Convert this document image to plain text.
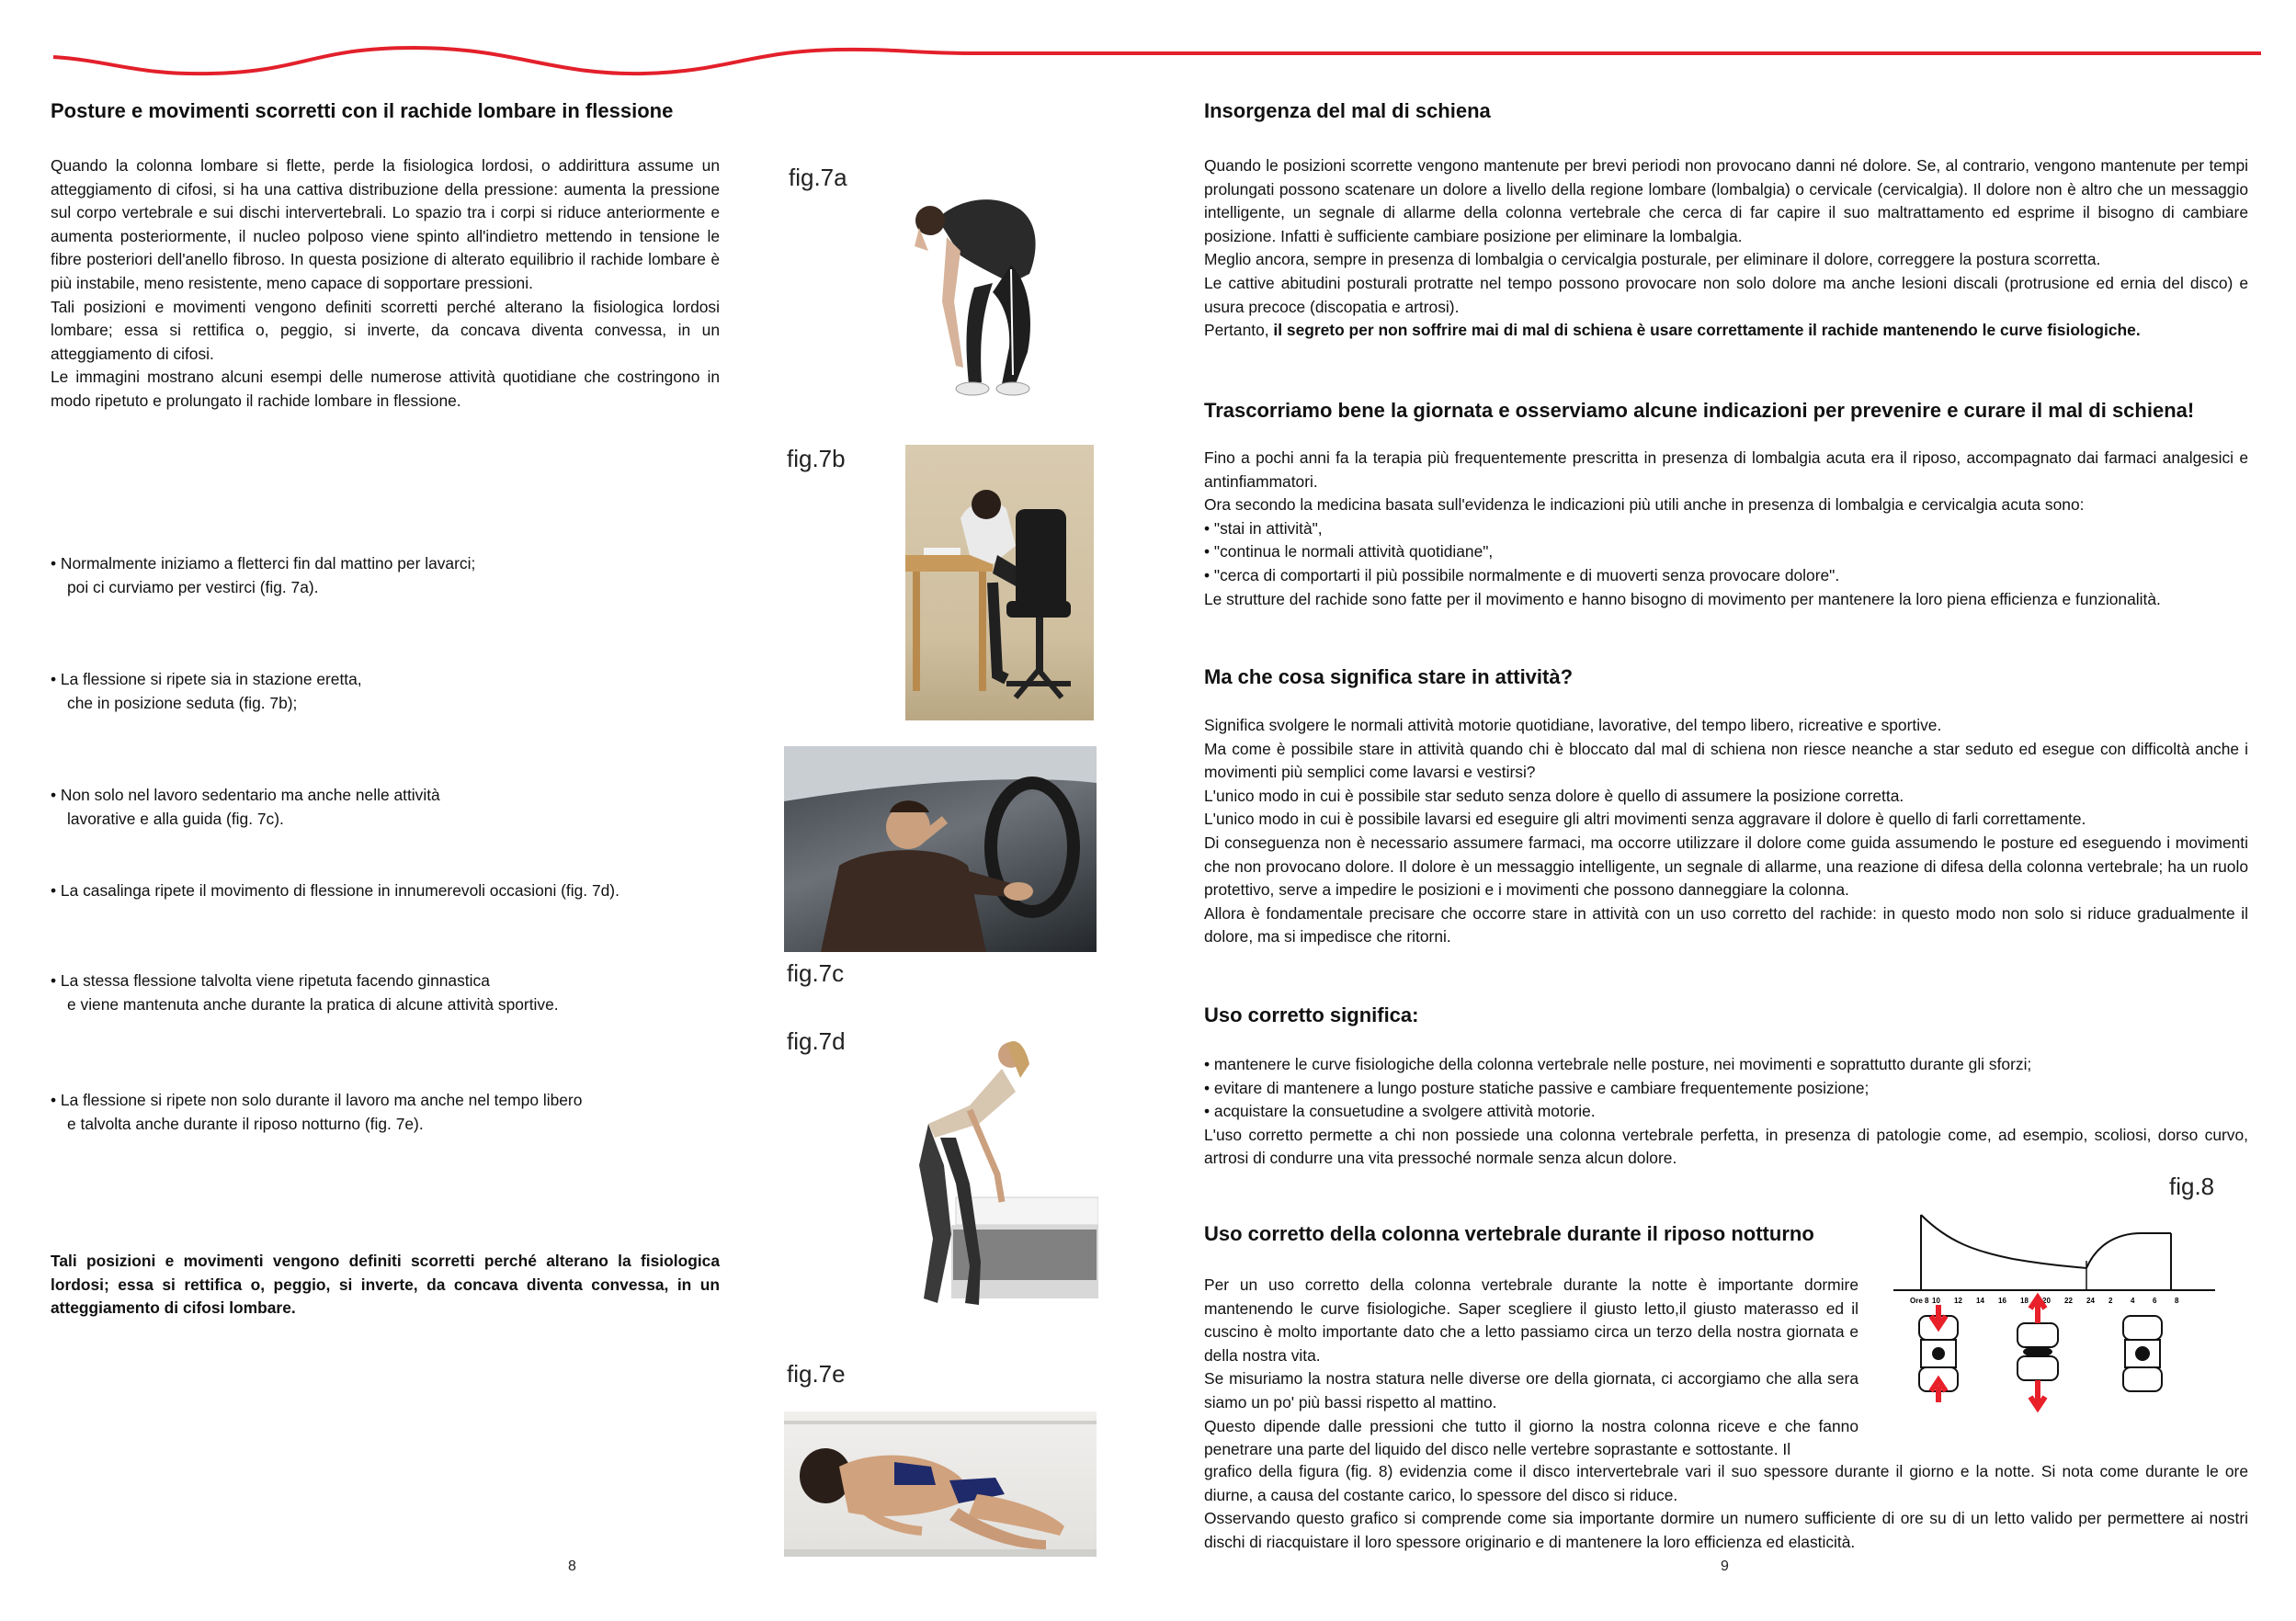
Posture e movimenti scorretti con il rachide lombare in flessione

Quando la colonna lombare si flette, perde la fisiologica lordosi, o addirittura assume un atteggiamento di cifosi, si ha una cattiva distribuzione della pressione: aumenta la pressione sul corpo vertebrale e sui dischi intervertebrali. Lo spazio tra i corpi si riduce anteriormente e aumenta posteriormente, il nucleo polposo viene spinto all'indietro mettendo in tensione le fibre posteriori dell'anello fibroso. In questa posizione di alterato equilibrio il rachide lombare è più instabile, meno resistente, meno capace di sopportare pressioni.

Tali posizioni e movimenti vengono definiti scorretti perché alterano la fisiologica lordosi lombare; essa si rettifica o, peggio, si inverte, da concava diventa convessa, in un atteggiamento di cifosi.

Le immagini mostrano alcuni esempi delle numerose attività quotidiane che costringono in modo ripetuto e prolungato il rachide lombare in flessione.

• Normalmente iniziamo a fletterci fin dal mattino per lavarci;

poi ci curviamo per vestirci (fig. 7a).

• La flessione si ripete sia in stazione eretta,

che in posizione seduta (fig. 7b);

• Non solo nel lavoro sedentario ma anche nelle attività

lavorative e alla guida (fig. 7c).

• La casalinga ripete il movimento di flessione in innumerevoli occasioni (fig. 7d).

• La stessa flessione talvolta viene ripetuta facendo ginnastica

e viene mantenuta anche durante la pratica di alcune attività sportive.

• La flessione si ripete non solo durante il lavoro ma anche nel tempo libero

e talvolta anche durante il riposo notturno (fig. 7e).

Tali posizioni e movimenti vengono definiti scorretti perché alterano la fisiologica lordosi; essa si rettifica o, peggio, si inverte, da concava diventa convessa, in un atteggiamento di cifosi lombare.
8
fig.7a
fig.7b
fig.7c
fig.7d
fig.7e
Insorgenza del mal di schiena

Quando le posizioni scorrette vengono mantenute per brevi periodi non provocano danni né dolore. Se, al contrario, vengono mantenute per tempi prolungati possono scatenare un dolore a livello della regione lombare (lombalgia) o cervicale (cervicalgia). Il dolore non è altro che un messaggio intelligente, un segnale di allarme della colonna vertebrale che cerca di far capire il suo maltrattamento ed esprime il bisogno di cambiare posizione. Infatti è sufficiente cambiare posizione per eliminare la lombalgia.

Meglio ancora, sempre in presenza di lombalgia o cervicalgia posturale, per eliminare il dolore, correggere la postura scorretta.

Le cattive abitudini posturali protratte nel tempo possono provocare non solo dolore ma anche lesioni discali (protrusione ed ernia del disco) e usura precoce (discopatia e artrosi).

Pertanto, il segreto per non soffrire mai di mal di schiena è usare correttamente il rachide mantenendo le curve fisiologiche.

Trascorriamo bene la giornata e osserviamo alcune indicazioni per prevenire e curare il mal di schiena!

Fino a pochi anni fa la terapia più frequentemente prescritta in presenza di lombalgia acuta era il riposo, accompagnato dai farmaci analgesici e antinfiammatori.

Ora secondo la medicina basata sull'evidenza le indicazioni più utili anche in presenza di lombalgia e cervicalgia acuta sono:

• "stai in attività",

• "continua le normali attività quotidiane",

• "cerca di comportarti il più possibile normalmente e di muoverti senza provocare dolore".

Le strutture del rachide sono fatte per il movimento e hanno bisogno di movimento per mantenere la loro piena efficienza e funzionalità.

Ma che cosa significa stare in attività?

Significa svolgere le normali attività motorie quotidiane, lavorative, del tempo libero, ricreative e sportive.

Ma come è possibile stare in attività quando chi è bloccato dal mal di schiena non riesce neanche a star seduto ed esegue con difficoltà anche i movimenti più semplici come lavarsi e vestirsi?

L'unico modo in cui è possibile star seduto senza dolore è quello di assumere la posizione corretta.

L'unico modo in cui è possibile lavarsi ed eseguire gli altri movimenti senza aggravare il dolore è quello di farli correttamente.

Di conseguenza non è necessario assumere farmaci, ma occorre utilizzare il dolore come guida assumendo le posture ed eseguendo i movimenti che non provocano dolore. Il dolore è un messaggio intelligente, un segnale di allarme, una reazione di difesa della colonna vertebrale; ha un ruolo protettivo, serve a impedire le posizioni e i movimenti che possono danneggiare la colonna.

Allora è fondamentale precisare che occorre stare in attività con un uso corretto del rachide: in questo modo non solo si riduce gradualmente il dolore, ma si impedisce che ritorni.

Uso corretto significa:

• mantenere le curve fisiologiche della colonna vertebrale nelle posture, nei movimenti e soprattutto durante gli sforzi;

• evitare di mantenere a lungo posture statiche passive e cambiare frequentemente posizione;

• acquistare la consuetudine a svolgere attività motorie.

L'uso corretto permette a chi non possiede una colonna vertebrale perfetta, in presenza di patologie come, ad esempio, scoliosi, dorso curvo, artrosi di condurre una vita pressoché normale senza alcun dolore.

Uso corretto della colonna vertebrale durante il riposo notturno

Per un uso corretto della colonna vertebrale durante la notte è importante dormire mantenendo le curve fisiologiche. Saper scegliere il giusto letto,il giusto materasso ed il cuscino è molto importante dato che a letto passiamo circa un terzo della nostra giornata e della nostra vita.

Se misuriamo la nostra statura nelle diverse ore della giornata, ci accorgiamo che alla sera siamo un po' più bassi rispetto al mattino.

Questo dipende dalle pressioni che tutto il giorno la nostra colonna riceve e che fanno penetrare una parte del liquido del disco nelle vertebre soprastante e sottostante. Il

grafico della figura (fig. 8) evidenzia come il disco intervertebrale vari il suo spessore durante il giorno e la notte. Si nota come durante le ore diurne, a causa del costante carico, lo spessore del disco si riduce.

Osservando questo grafico si comprende come sia importante dormire un numero sufficiente di ore su di un letto valido per permettere ai nostri dischi di riacquistare il loro spessore originario e di mantenere la loro efficienza ed elasticità.

9
fig.8
Ore 8 10 12 14 16 18 20 22 24 2 4 6 8
